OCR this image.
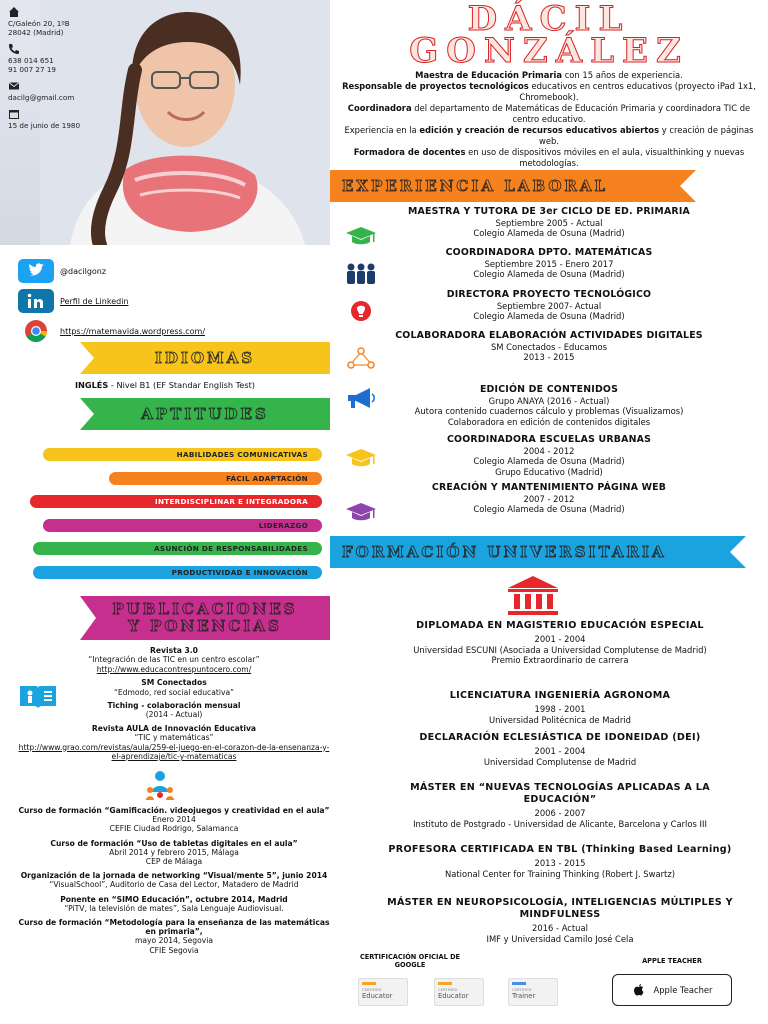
C/Galeón 20, 1ºB
28042 (Madrid)
638 014 651
91 007 27 19
dacilg@gmail.com
15 de junio de 1980
@dacilgonz
Perfil de Linkedin
https://matemavida.wordpress.com/
IDIOMAS
INGLÉS - Nivel B1 (EF Standar English Test)
APTITUDES
HABILIDADES COMUNICATIVAS
FÁCIL ADAPTACIÓN
INTERDISCIPLINAR E INTEGRADORA
LIDERAZGO
ASUNCIÓN DE RESPONSABILIDADES
PRODUCTIVIDAD E INNOVACIÓN
PUBLICACIONES
Y PONENCIAS
Revista 3.0
“Integración de las TIC en un centro escolar”
http://www.educacontrespuntocero.com/
SM Conectados
“Edmodo, red social educativa”
Tiching - colaboración mensual
(2014 - Actual)
Revista AULA de Innovación Educativa
“TIC y matemáticas”
http://www.grao.com/revistas/aula/259-el-juego-en-el-corazon-de-la-ensenanza-y-el-aprendizaje/tic-y-matematicas
Curso de formación “Gamificación. videojuegos y creatividad en el aula”
Enero 2014
CEFIE Ciudad Rodrigo, Salamanca
Curso de formación “Uso de tabletas digitales en el aula”
Abril 2014 y febrero 2015, Málaga
CEP de Málaga
Organización de la jornada de networking “Visual/mente 5”, junio 2014
“VisualSchool”, Auditorio de Casa del Lector, Matadero de Madrid
Ponente en “SIMO Educación”, octubre 2014, Madrid
“PiTV, la televisión de mates”, Sala Lenguaje Audiovisual.
Curso de formación “Metodología para la enseñanza de las matemáticas en primaria”,
mayo 2014, Segovia
CFIE Segovia
DÁCIL
GONZÁLEZ
Maestra de Educación Primaria con 15 años de experiencia.
Responsable de proyectos tecnológicos educativos en centros educativos (proyecto iPad 1x1, Chromebook).
Coordinadora del departamento de Matemáticas de Educación Primaria y coordinadora TIC de centro educativo.
Experiencia en la edición y creación de recursos educativos abiertos y creación de páginas web.
Formadora de docentes en uso de dispositivos móviles en el aula, visualthinking y nuevas metodologías.
EXPERIENCIA LABORAL
MAESTRA Y TUTORA DE 3er CICLO DE ED. PRIMARIA
Septiembre 2005 - Actual
Colegio Alameda de Osuna (Madrid)
COORDINADORA DPTO. MATEMÁTICAS
Septiembre 2015 - Enero 2017
Colegio Alameda de Osuna (Madrid)
DIRECTORA PROYECTO TECNOLÓGICO
Septiembre 2007- Actual
Colegio Alameda de Osuna (Madrid)
COLABORADORA ELABORACIÓN ACTIVIDADES DIGITALES
SM Conectados - Educamos
2013 - 2015
EDICIÓN DE CONTENIDOS
Grupo ANAYA (2016 - Actual)
Autora contenido cuadernos cálculo y problemas (Visualizamos)
Colaboradora en edición de contenidos digitales
COORDINADORA ESCUELAS URBANAS
2004 - 2012
Colegio Alameda de Osuna (Madrid)
Grupo Educativo (Madrid)
CREACIÓN Y MANTENIMIENTO PÁGINA WEB
2007 - 2012
Colegio Alameda de Osuna (Madrid)
FORMACIÓN UNIVERSITARIA
DIPLOMADA EN MAGISTERIO EDUCACIÓN ESPECIAL
2001 - 2004
Universidad ESCUNI (Asociada a Universidad Complutense de Madrid)
Premio Extraordinario de carrera
LICENCIATURA INGENIERÍA AGRONOMA
1998 - 2001
Universidad Politécnica de Madrid
DECLARACIÓN ECLESIÁSTICA DE IDONEIDAD (DEI)
2001 - 2004
Universidad Complutense de Madrid
MÁSTER EN “NUEVAS TECNOLOGÍAS APLICADAS A LA EDUCACIÓN”
2006 - 2007
Instituto de Postgrado - Universidad de Alicante, Barcelona y Carlos III
PROFESORA CERTIFICADA EN TBL (Thinking Based Learning)
2013 - 2015
National Center for Training Thinking (Robert J. Swartz)
MÁSTER EN NEUROPSICOLOGÍA, INTELIGENCIAS MÚLTIPLES Y MINDFULNESS
2016 - Actual
IMF y Universidad Camilo José Cela
CERTIFICACIÓN OFICIAL DE GOOGLE	APPLE TEACHER
CERTIFIED
Educator
CERTIFIED
Educator
CERTIFIED
Trainer
Apple Teacher
